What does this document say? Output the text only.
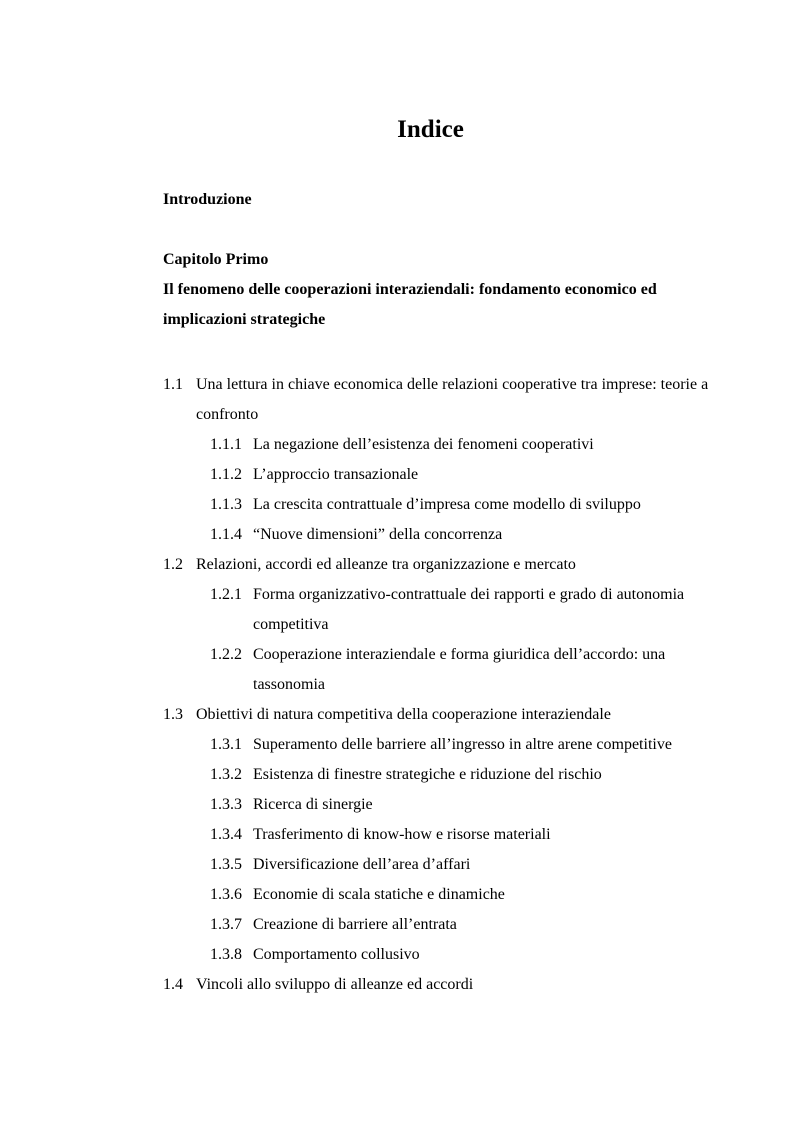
Indice
Introduzione
Capitolo Primo
Il fenomeno delle cooperazioni interaziendali: fondamento economico ed
implicazioni strategiche
1.1 Una lettura in chiave economica delle relazioni cooperative tra imprese: teorie a confronto
1.1.1 La negazione dell’esistenza dei fenomeni cooperativi
1.1.2 L’approccio transazionale
1.1.3 La crescita contrattuale d’impresa come modello di sviluppo
1.1.4 “Nuove dimensioni” della concorrenza
1.2 Relazioni, accordi ed alleanze tra organizzazione e mercato
1.2.1 Forma organizzativo-contrattuale dei rapporti e grado di autonomia competitiva
1.2.2 Cooperazione interaziendale e forma giuridica dell’accordo: una tassonomia
1.3 Obiettivi di natura competitiva della cooperazione interaziendale
1.3.1 Superamento delle barriere all’ingresso in altre arene competitive
1.3.2 Esistenza di finestre strategiche e riduzione del rischio
1.3.3 Ricerca di sinergie
1.3.4 Trasferimento di know-how e risorse materiali
1.3.5 Diversificazione dell’area d’affari
1.3.6 Economie di scala statiche e dinamiche
1.3.7 Creazione di barriere all’entrata
1.3.8 Comportamento collusivo
1.4 Vincoli allo sviluppo di alleanze ed accordi
